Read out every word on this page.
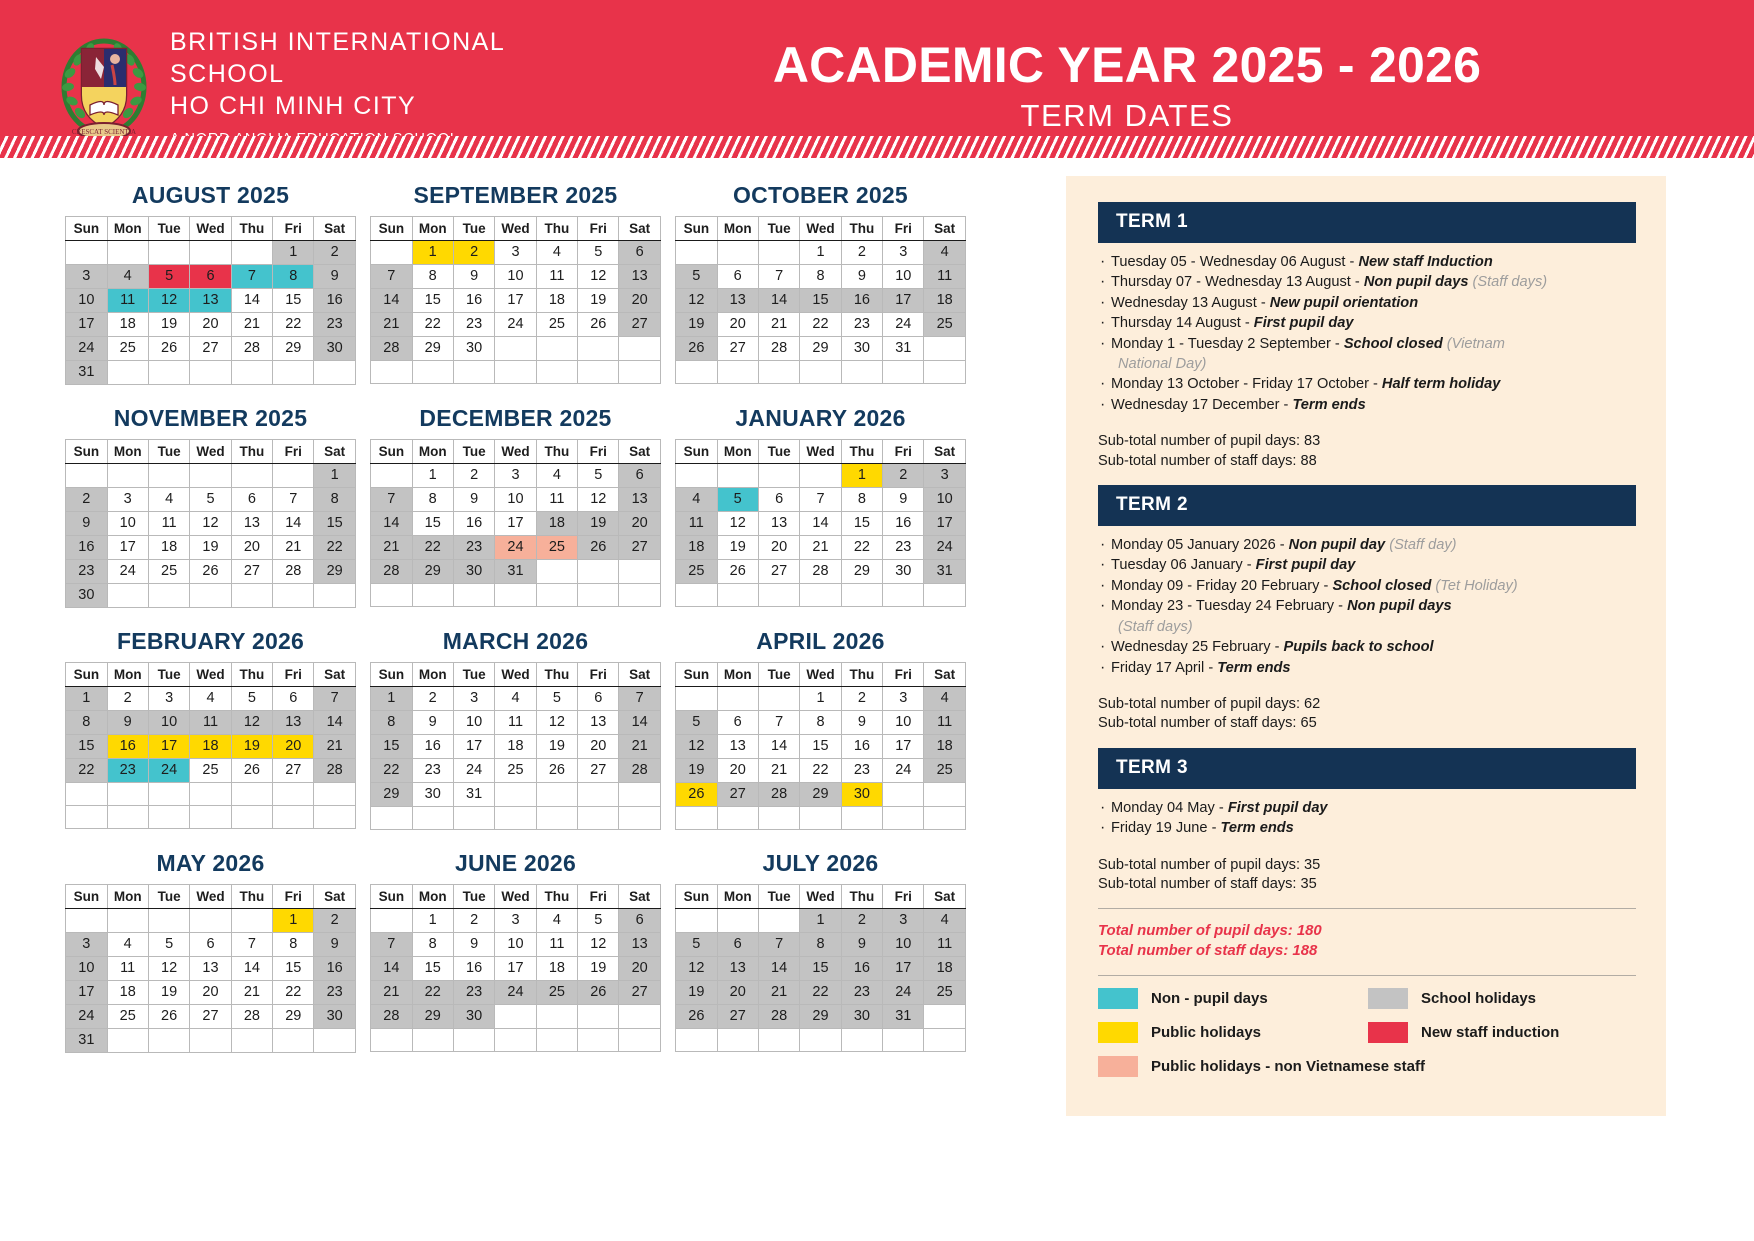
CRESCAT SCIENTIA
BRITISH INTERNATIONAL SCHOOL
HO CHI MINH CITY
ACADEMIC YEAR 2025 - 2026
TERM DATES
AUGUST 2025
Sun	Mon	Tue	Wed	Thu	Fri	Sat
					1	2
3	4	5	6	7	8	9
10	11	12	13	14	15	16
17	18	19	20	21	22	23
24	25	26	27	28	29	30
31						
SEPTEMBER 2025
Sun	Mon	Tue	Wed	Thu	Fri	Sat
	1	2	3	4	5	6
7	8	9	10	11	12	13
14	15	16	17	18	19	20
21	22	23	24	25	26	27
28	29	30				

OCTOBER 2025
Sun	Mon	Tue	Wed	Thu	Fri	Sat
			1	2	3	4
5	6	7	8	9	10	11
12	13	14	15	16	17	18
19	20	21	22	23	24	25
26	27	28	29	30	31	

NOVEMBER 2025
Sun	Mon	Tue	Wed	Thu	Fri	Sat
						1
2	3	4	5	6	7	8
9	10	11	12	13	14	15
16	17	18	19	20	21	22
23	24	25	26	27	28	29
30						
DECEMBER 2025
Sun	Mon	Tue	Wed	Thu	Fri	Sat
	1	2	3	4	5	6
7	8	9	10	11	12	13
14	15	16	17	18	19	20
21	22	23	24	25	26	27
28	29	30	31			

JANUARY 2026
Sun	Mon	Tue	Wed	Thu	Fri	Sat
				1	2	3
4	5	6	7	8	9	10
11	12	13	14	15	16	17
18	19	20	21	22	23	24
25	26	27	28	29	30	31

FEBRUARY 2026
Sun	Mon	Tue	Wed	Thu	Fri	Sat
1	2	3	4	5	6	7
8	9	10	11	12	13	14
15	16	17	18	19	20	21
22	23	24	25	26	27	28

MARCH 2026
Sun	Mon	Tue	Wed	Thu	Fri	Sat
1	2	3	4	5	6	7
8	9	10	11	12	13	14
15	16	17	18	19	20	21
22	23	24	25	26	27	28
29	30	31				

APRIL 2026
Sun	Mon	Tue	Wed	Thu	Fri	Sat
			1	2	3	4
5	6	7	8	9	10	11
12	13	14	15	16	17	18
19	20	21	22	23	24	25
26	27	28	29	30		

MAY 2026
Sun	Mon	Tue	Wed	Thu	Fri	Sat
					1	2
3	4	5	6	7	8	9
10	11	12	13	14	15	16
17	18	19	20	21	22	23
24	25	26	27	28	29	30
31						
JUNE 2026
Sun	Mon	Tue	Wed	Thu	Fri	Sat
	1	2	3	4	5	6
7	8	9	10	11	12	13
14	15	16	17	18	19	20
21	22	23	24	25	26	27
28	29	30				

JULY 2026
Sun	Mon	Tue	Wed	Thu	Fri	Sat
			1	2	3	4
5	6	7	8	9	10	11
12	13	14	15	16	17	18
19	20	21	22	23	24	25
26	27	28	29	30	31	

TERM 1
· Tuesday 05 - Wednesday 06 August - New staff Induction
· Thursday 07 - Wednesday 13 August - Non pupil days (Staff days)
· Wednesday 13 August - New pupil orientation
· Thursday 14 August - First pupil day
· Monday 1 - Tuesday 2 September - School closed (Vietnam
National Day)
· Monday 13 October - Friday 17 October - Half term holiday
· Wednesday 17 December - Term ends
Sub-total number of pupil days: 83
Sub-total number of staff days: 88
TERM 2
· Monday 05 January 2026 - Non pupil day (Staff day)
· Tuesday 06 January - First pupil day
· Monday 09 - Friday 20 February - School closed (Tet Holiday)
· Monday 23 - Tuesday 24 February - Non pupil days
(Staff days)
· Wednesday 25 February - Pupils back to school
· Friday 17 April - Term ends
Sub-total number of pupil days: 62
Sub-total number of staff days: 65
TERM 3
· Monday 04 May - First pupil day
· Friday 19 June - Term ends
Sub-total number of pupil days: 35
Sub-total number of staff days: 35
Total number of pupil days: 180
Total number of staff days: 188
Non - pupil days	School holidays
Public holidays	New staff induction
Public holidays - non Vietnamese staff
